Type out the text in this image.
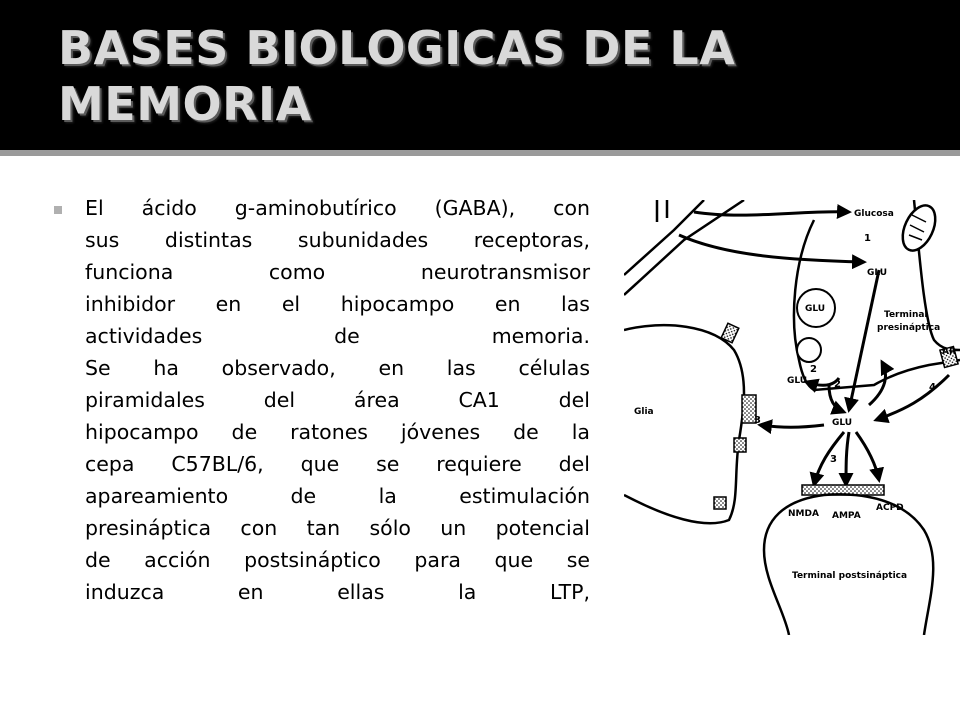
BASES BIOLOGICAS DE LA MEMORIA

El ácido g-aminobutírico (GABA), con

sus distintas subunidades receptoras,

funciona como neurotransmisor

inhibidor en el hipocampo en las

actividades de memoria.

Se ha observado, en las células

piramidales del área CA1 del

hipocampo de ratones jóvenes de la

cepa C57BL/6, que se requiere del

apareamiento de la estimulación

presináptica con tan sólo un potencial

de acción postsináptico para que se

induzca en ellas la LTP,

Glucosa
GLU
GLU
Terminal
presináptica
GLU
Glia
GLU
AR
NMDA AMPA
ACPD
Terminal postsináptica
1
2
2
3
3
4
